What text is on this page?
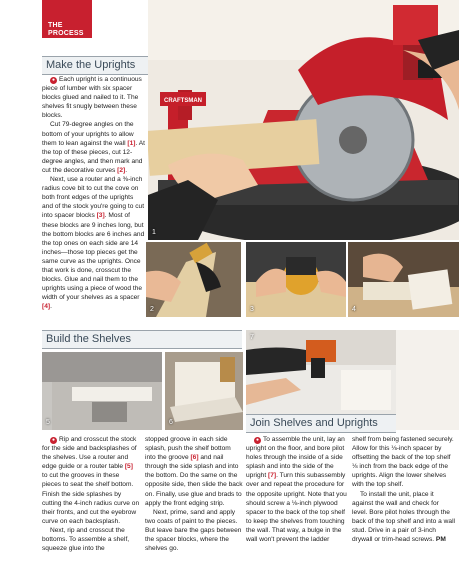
THE
PROCESS
Make the Uprights

● Each upright is a continuous piece of lumber with six spacer blocks glued and nailed to it. The shelves fit snugly between these blocks.

Cut 79-degree angles on the bottom of your uprights to allow them to lean against the wall [1]. At the top of these pieces, cut 12-degree angles, and then mark and cut the decorative curves [2].

Next, use a router and a ⅜-inch radius cove bit to cut the cove on both front edges of the uprights and of the stock you're going to cut into spacer blocks [3]. Most of these blocks are 9 inches long, but the bottom blocks are 6 inches and the top ones on each side are 14 inches—those top pieces get the same curve as the uprights. Once that work is done, crosscut the blocks. Glue and nail them to the uprights using a piece of wood the width of your shelves as a spacer [4].

CRAFTSMAN
1
2	3	4
Build the Shelves
5	6
7
Join Shelves and Uprights

● Rip and crosscut the stock for the side and backsplashes of the shelves. Use a router and edge guide or a router table [5] to cut the grooves in these pieces to seat the shelf bottom. Finish the side splashes by cutting the 4-inch radius curve on their fronts, and cut the eyebrow curve on each backsplash.

Next, rip and crosscut the bottoms. To assemble a shelf, squeeze glue into the

stopped groove in each side splash, push the shelf bottom into the groove [6] and nail through the side splash and into the bottom. Do the same on the opposite side, then slide the back on. Finally, use glue and brads to apply the front edging strip.

Next, prime, sand and apply two coats of paint to the pieces. But leave bare the gaps between the spacer blocks, where the shelves go.

● To assemble the unit, lay an upright on the floor, and bore pilot holes through the inside of a side splash and into the side of the upright [7]. Turn this subassembly over and repeat the procedure for the opposite upright. Note that you should screw a ⅛-inch plywood spacer to the back of the top shelf to keep the shelves from touching the wall. That way, a bulge in the wall won't prevent the ladder

shelf from being fastened securely. Allow for this ⅛-inch spacer by offsetting the back of the top shelf ⅛ inch from the back edge of the uprights. Align the lower shelves with the top shelf.

To install the unit, place it against the wall and check for level. Bore pilot holes through the back of the top shelf and into a wall stud. Drive in a pair of 3-inch drywall or trim-head screws. PM
